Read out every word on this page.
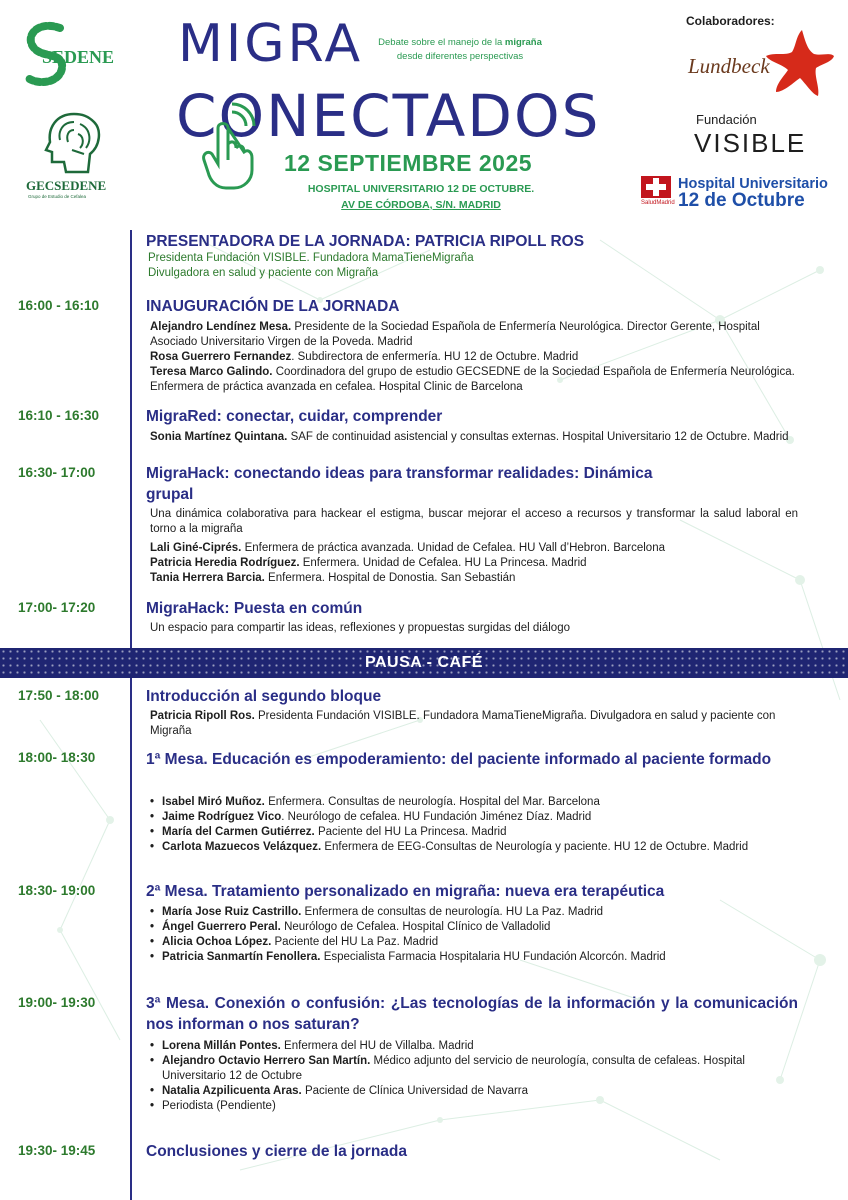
SEDENE
GECSEDENE
Grupo de Estudio de Cefalea
MIGRA	Debate sobre el manejo de la migraña
desde diferentes perspectivas
CONECTADOS
12 SEPTIEMBRE 2025
HOSPITAL UNIVERSITARIO 12 DE OCTUBRE.
AV DE CÓRDOBA, S/N. MADRID
Colaboradores:
Lundbeck
Fundación
VISIBLE
SaludMadrid
Hospital Universitario
12 de Octubre
PRESENTADORA DE LA JORNADA: PATRICIA RIPOLL ROS
Presidenta Fundación VISIBLE. Fundadora MamaTieneMigraña
Divulgadora en salud y paciente con Migraña
16:00 - 16:10	INAUGURACIÓN DE LA JORNADA
Alejandro Lendínez Mesa. Presidente de la Sociedad Española de Enfermería Neurológica. Director Gerente, Hospital Asociado Universitario Virgen de la Poveda. Madrid
Rosa Guerrero Fernandez. Subdirectora de enfermería. HU 12 de Octubre. Madrid
Teresa Marco Galindo. Coordinadora del grupo de estudio GECSEDNE de la Sociedad Española de Enfermería Neurológica. Enfermera de práctica avanzada en cefalea. Hospital Clinic de Barcelona
16:10 - 16:30	MigraRed: conectar, cuidar, comprender
Sonia Martínez Quintana. SAF de continuidad asistencial y consultas externas. Hospital Universitario 12 de Octubre. Madrid
16:30- 17:00	MigraHack: conectando ideas para transformar realidades: Dinámica grupal
Una dinámica colaborativa para hackear el estigma, buscar mejorar el acceso a recursos y transformar la salud laboral en torno a la migraña
Lali Giné-Ciprés. Enfermera de práctica avanzada. Unidad de Cefalea. HU Vall d’Hebron. Barcelona
Patricia Heredia Rodríguez. Enfermera. Unidad de Cefalea. HU La Princesa. Madrid
Tania Herrera Barcia. Enfermera. Hospital de Donostia. San Sebastián
17:00- 17:20	MigraHack: Puesta en común
Un espacio para compartir las ideas, reflexiones y propuestas surgidas del diálogo
PAUSA - CAFÉ
17:50 - 18:00	Introducción al segundo bloque
Patricia Ripoll Ros. Presidenta Fundación VISIBLE. Fundadora MamaTieneMigraña. Divulgadora en salud y paciente con Migraña
18:00- 18:30	1ª Mesa. Educación es empoderamiento: del paciente informado al paciente formado
• Isabel Miró Muñoz. Enfermera. Consultas de neurología. Hospital del Mar. Barcelona
• Jaime Rodríguez Vico. Neurólogo de cefalea. HU Fundación Jiménez Díaz. Madrid
• María del Carmen Gutiérrez. Paciente del HU La Princesa. Madrid
• Carlota Mazuecos Velázquez. Enfermera de EEG-Consultas de Neurología y paciente. HU 12 de Octubre. Madrid
18:30- 19:00	2ª Mesa. Tratamiento personalizado en migraña: nueva era terapéutica
• María Jose Ruiz Castrillo. Enfermera de consultas de neurología. HU La Paz. Madrid
• Ángel Guerrero Peral. Neurólogo de Cefalea. Hospital Clínico de Valladolid
• Alicia Ochoa López. Paciente del HU La Paz. Madrid
• Patricia Sanmartín Fenollera. Especialista Farmacia Hospitalaria HU Fundación Alcorcón. Madrid
19:00- 19:30	3ª Mesa. Conexión o confusión: ¿Las tecnologías de la información y la comunicación nos informan o nos saturan?
• Lorena Millán Pontes. Enfermera del HU de Villalba. Madrid
• Alejandro Octavio Herrero San Martín. Médico adjunto del servicio de neurología, consulta de cefaleas. Hospital Universitario 12 de Octubre
• Natalia Azpilicuenta Aras. Paciente de Clínica Universidad de Navarra
• Periodista (Pendiente)
19:30- 19:45	Conclusiones y cierre de la jornada
